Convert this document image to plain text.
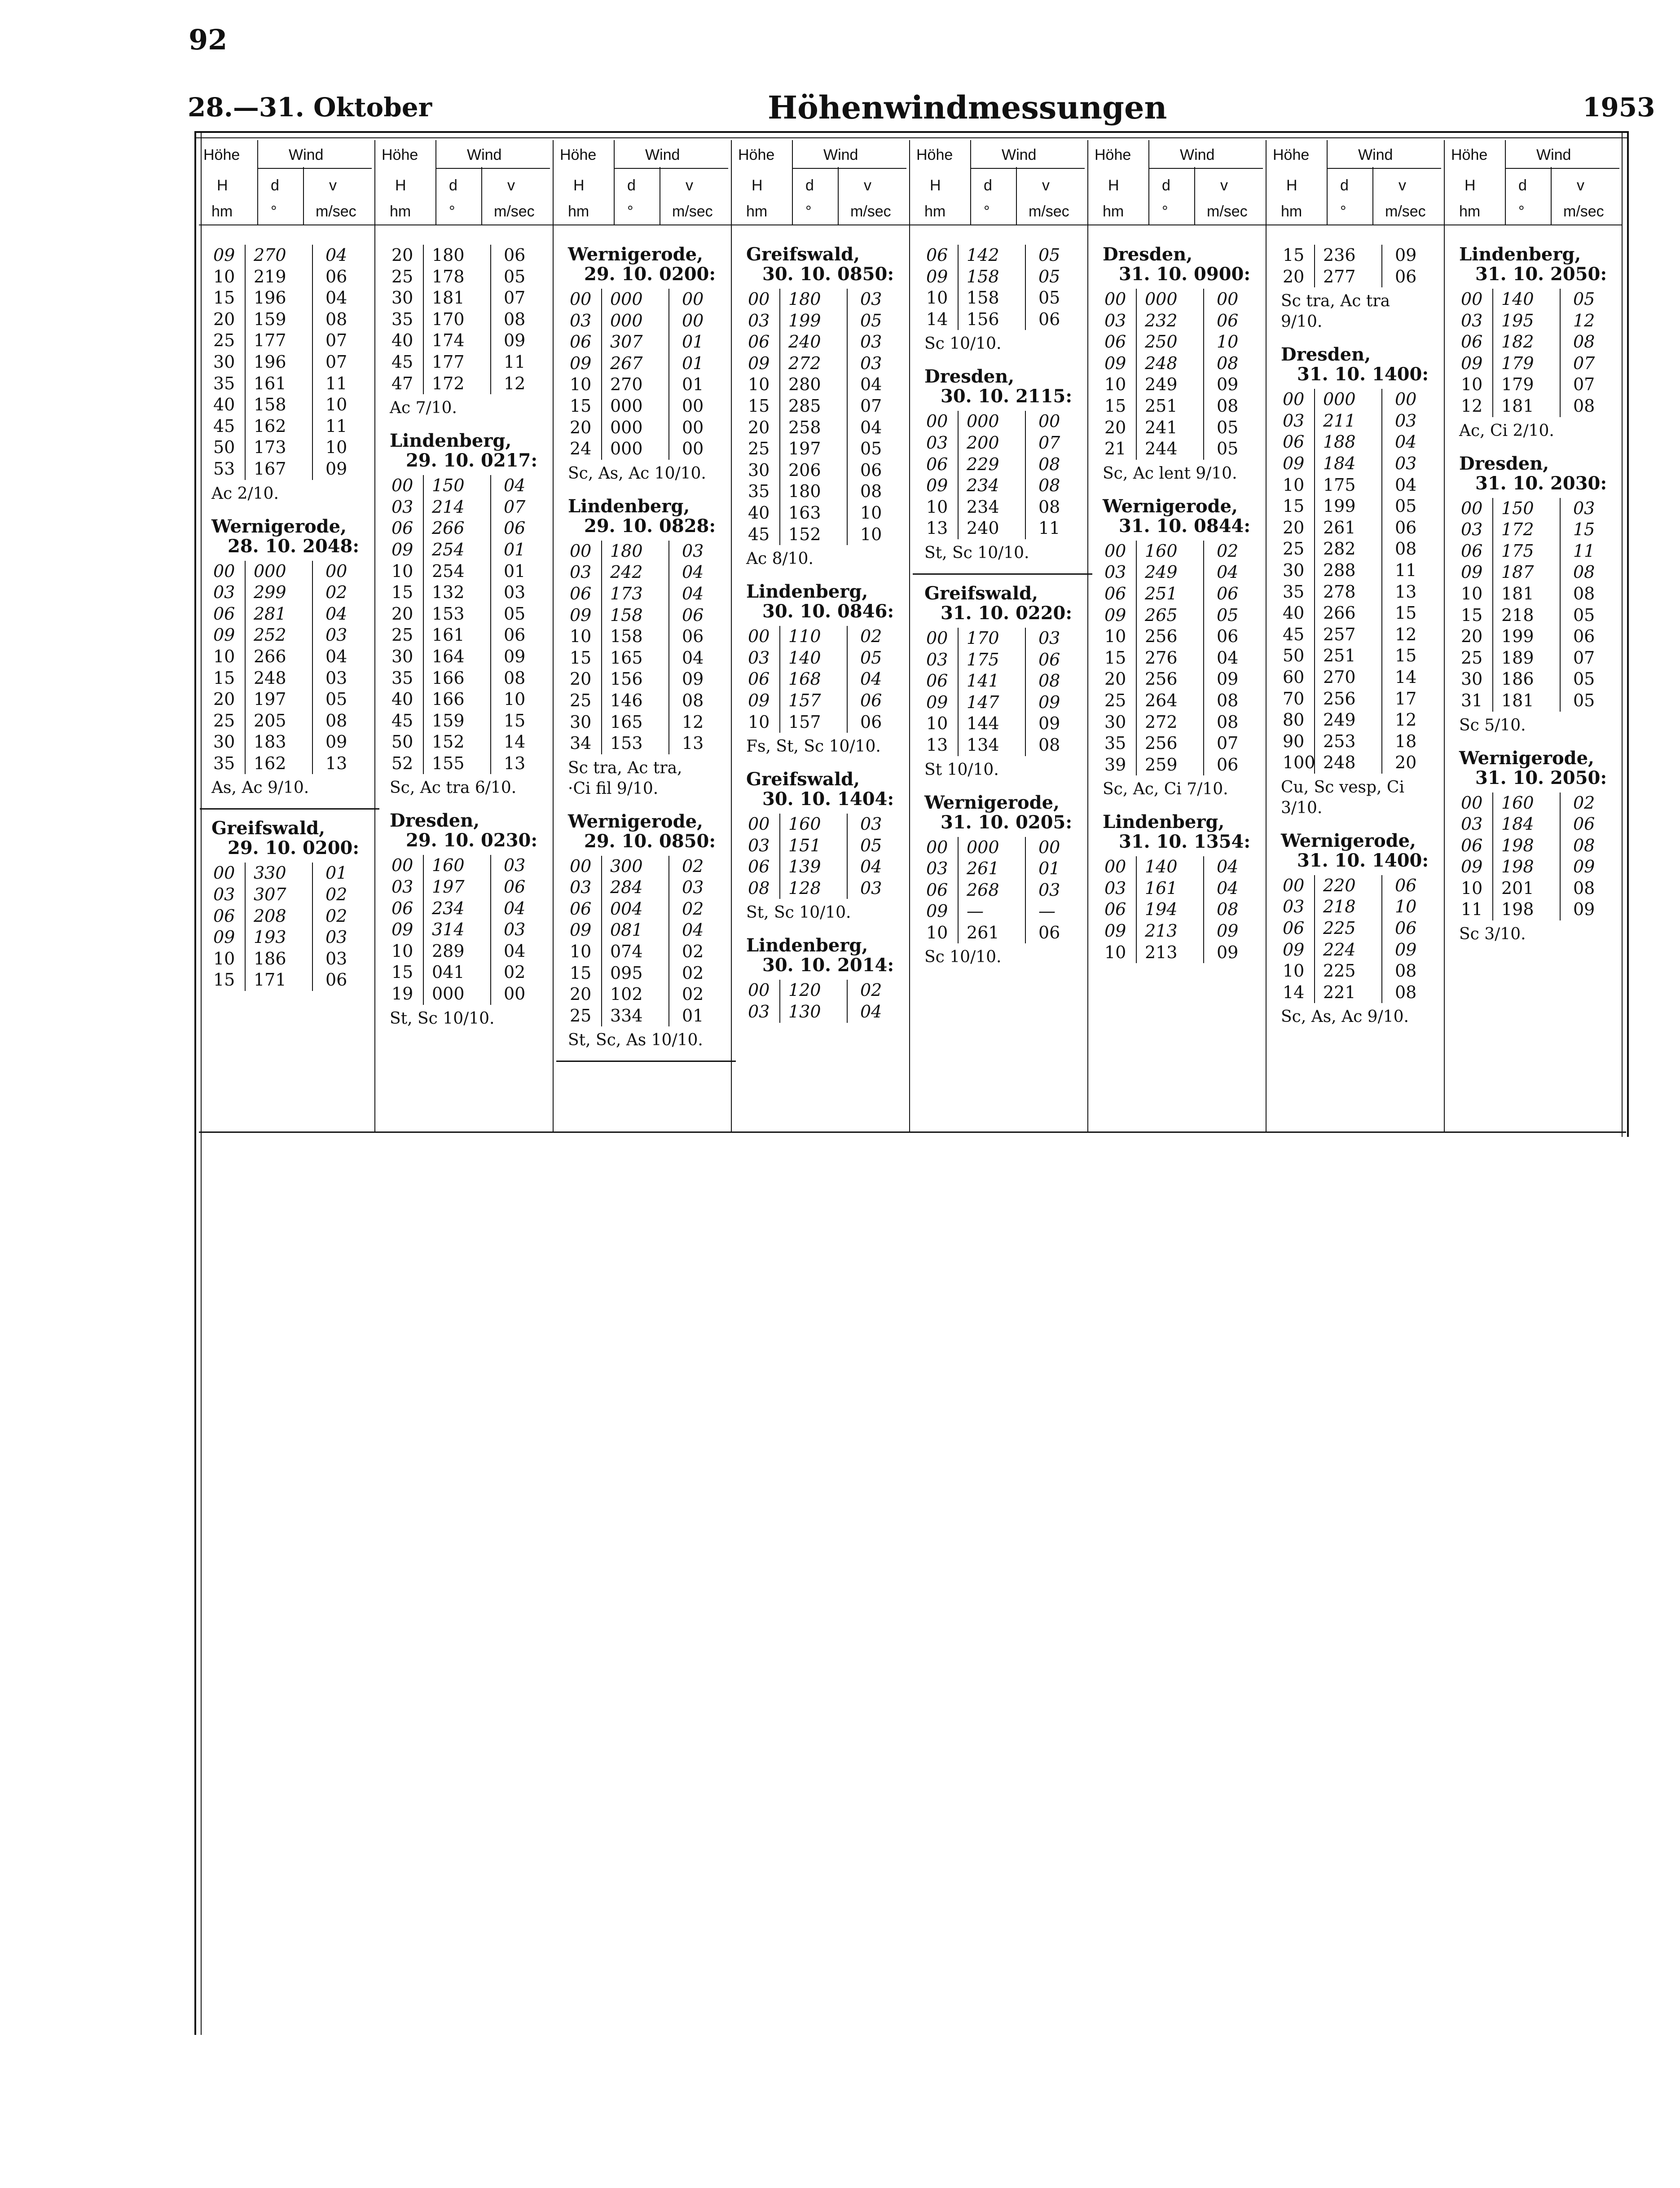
92
28.—31. Oktober	Höhenwindmessungen	1953
Höhe	Wind
H	d	v
hm °	m/sec
Höhe	Wind
H	d	v
hm °	m/sec
Höhe	Wind
H	d	v
hm °	m/sec
Höhe	Wind
H	d	v
hm °	m/sec
Höhe	Wind
H	d	v
hm °	m/sec
Höhe	Wind
H	d	v
hm °	m/sec
Höhe	Wind
H	d	v
hm °	m/sec
Höhe	Wind
H	d	v
hm °	m/sec
09 270 04
10 219 06
15 196 04
20 159 08
25 177 07
30 196 07
35 161 11
40 158 10
45 162 11
50 173 10
53 167 09
Ac 2/10.
Wernigerode,
28. 10. 2048:
00 000 00
03 299 02
06 281 04
09 252 03
10 266 04
15 248 03
20 197 05
25 205 08
30 183 09
35 162 13
As, Ac 9/10.
Greifswald,
29. 10. 0200:
00 330 01
03 307 02
06 208 02
09 193 03
10 186 03
15 171 06
20 180 06
25 178 05
30 181 07
35 170 08
40 174 09
45 177 11
47 172 12
Ac 7/10.
Lindenberg,
29. 10. 0217:
00 150 04
03 214 07
06 266 06
09 254 01
10 254 01
15 132 03
20 153 05
25 161 06
30 164 09
35 166 08
40 166 10
45 159 15
50 152 14
52 155 13
Sc, Ac tra 6/10.
Dresden,
29. 10. 0230:
00 160 03
03 197 06
06 234 04
09 314 03
10 289 04
15 041 02
19 000 00
St, Sc 10/10.
Wernigerode,
29. 10. 0200:
00 000 00
03 000 00
06 307 01
09 267 01
10 270 01
15 000 00
20 000 00
24 000 00
Sc, As, Ac 10/10.
Lindenberg,
29. 10. 0828:
00 180 03
03 242 04
06 173 04
09 158 06
10 158 06
15 165 04
20 156 09
25 146 08
30 165 12
34 153 13
Sc tra, Ac tra,
·Ci fil 9/10.
Wernigerode,
29. 10. 0850:
00 300 02
03 284 03
06 004 02
09 081 04
10 074 02
15 095 02
20 102 02
25 334 01
St, Sc, As 10/10.
Greifswald,
30. 10. 0850:
00 180 03
03 199 05
06 240 03
09 272 03
10 280 04
15 285 07
20 258 04
25 197 05
30 206 06
35 180 08
40 163 10
45 152 10
Ac 8/10.
Lindenberg,
30. 10. 0846:
00 110 02
03 140 05
06 168 04
09 157 06
10 157 06
Fs, St, Sc 10/10.
Greifswald,
30. 10. 1404:
00 160 03
03 151 05
06 139 04
08 128 03
St, Sc 10/10.
Lindenberg,
30. 10. 2014:
00 120 02
03 130 04
06 142 05
09 158 05
10 158 05
14 156 06
Sc 10/10.
Dresden,
30. 10. 2115:
00 000 00
03 200 07
06 229 08
09 234 08
10 234 08
13 240 11
St, Sc 10/10.
Greifswald,
31. 10. 0220:
00 170 03
03 175 06
06 141 08
09 147 09
10 144 09
13 134 08
St 10/10.
Wernigerode,
31. 10. 0205:
00 000 00
03 261 01
06 268 03
09 —	—
10 261 06
Sc 10/10.
Dresden,
31. 10. 0900:
00 000 00
03 232 06
06 250 10
09 248 08
10 249 09
15 251 08
20 241 05
21 244 05
Sc, Ac lent 9/10.
Wernigerode,
31. 10. 0844:
00 160 02
03 249 04
06 251 06
09 265 05
10 256 06
15 276 04
20 256 09
25 264 08
30 272 08
35 256 07
39 259 06
Sc, Ac, Ci 7/10.
Lindenberg,
31. 10. 1354:
00 140 04
03 161 04
06 194 08
09 213 09
10 213 09
15 236 09
20 277 06
Sc tra, Ac tra
9/10.
Dresden,
31. 10. 1400:
00 000 00
03 211 03
06 188 04
09 184 03
10 175 04
15 199 05
20 261 06
25 282 08
30 288 11
35 278 13
40 266 15
45 257 12
50 251 15
60 270 14
70 256 17
80 249 12
90 253 18
100 248 20
Cu, Sc vesp, Ci
3/10.
Wernigerode,
31. 10. 1400:
00 220 06
03 218 10
06 225 06
09 224 09
10 225 08
14 221 08
Sc, As, Ac 9/10.
Lindenberg,
31. 10. 2050:
00 140 05
03 195 12
06 182 08
09 179 07
10 179 07
12 181 08
Ac, Ci 2/10.
Dresden,
31. 10. 2030:
00 150 03
03 172 15
06 175 11
09 187 08
10 181 08
15 218 05
20 199 06
25 189 07
30 186 05
31 181 05
Sc 5/10.
Wernigerode,
31. 10. 2050:
00 160 02
03 184 06
06 198 08
09 198 09
10 201 08
11 198 09
Sc 3/10.
